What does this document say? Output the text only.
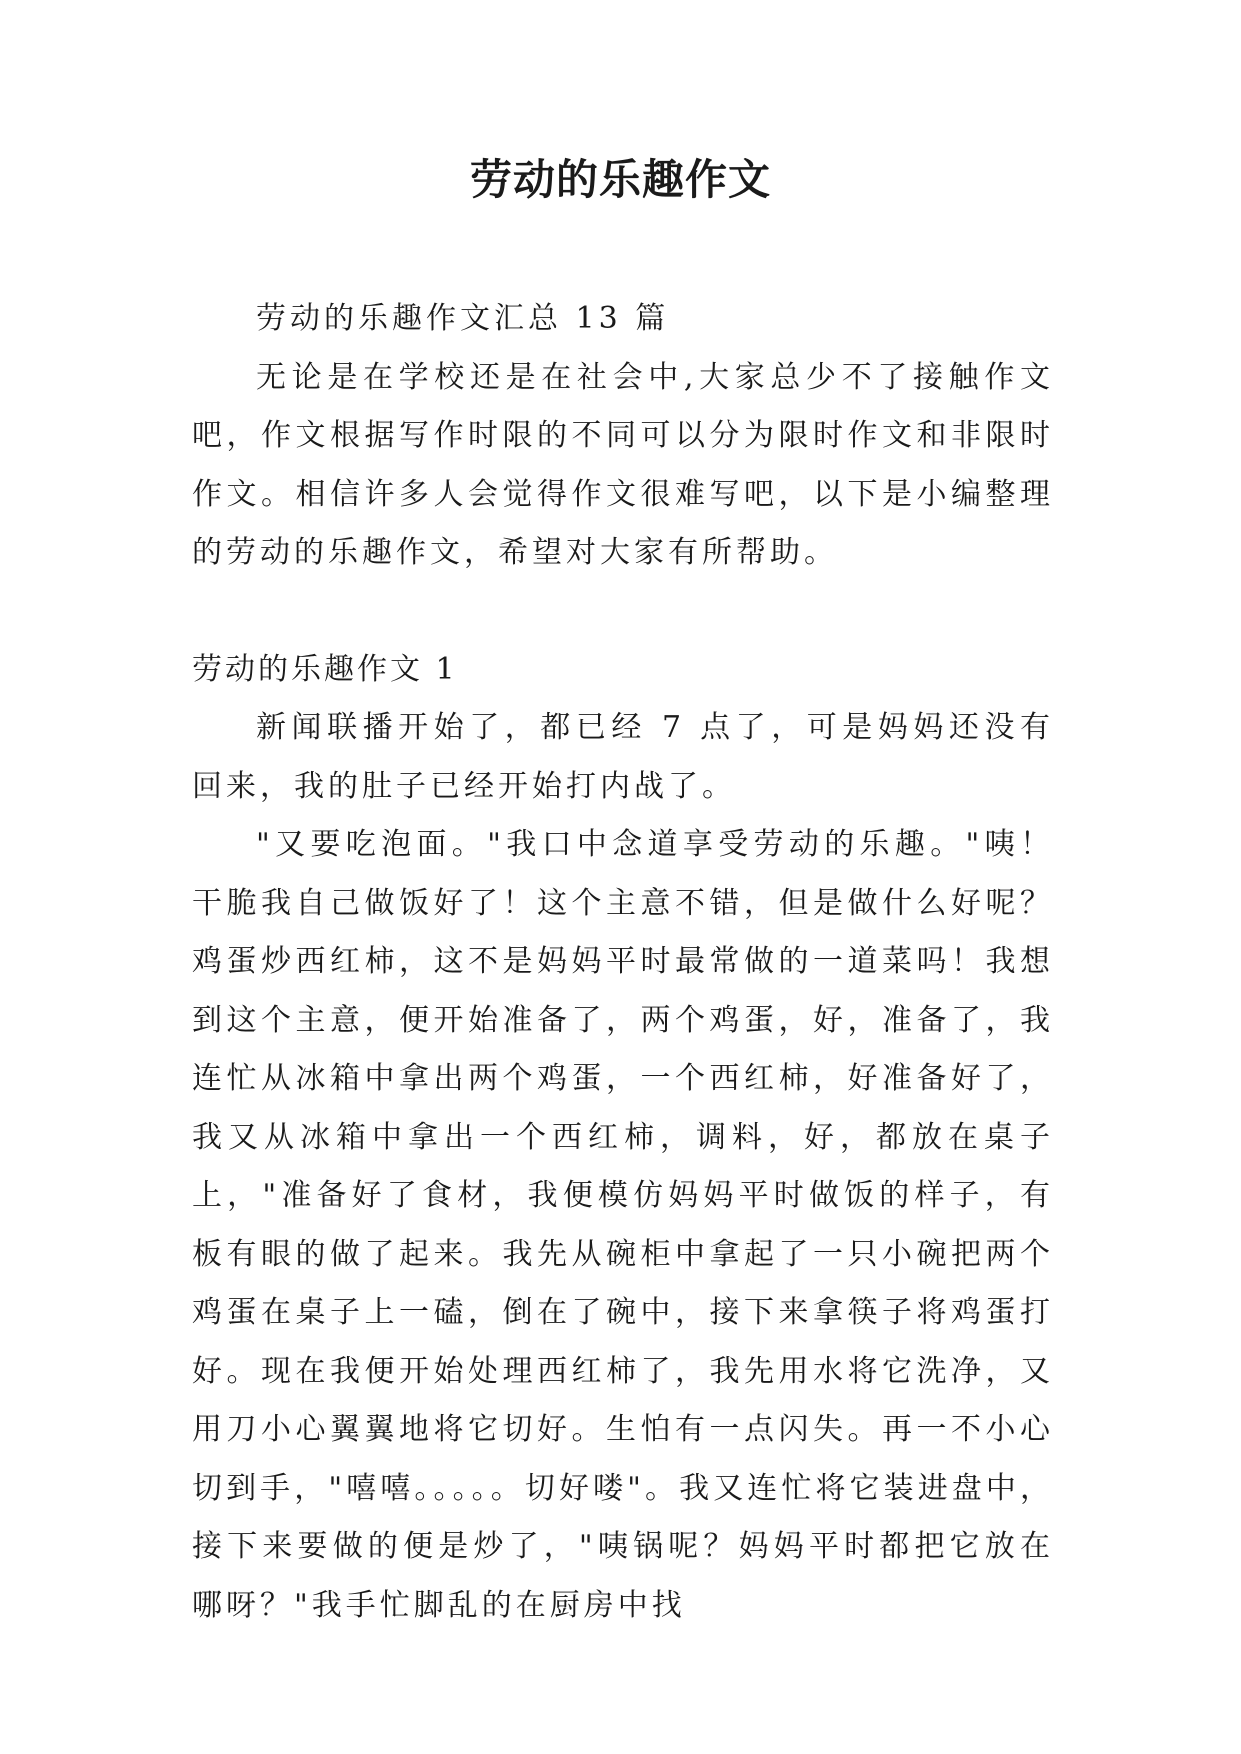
劳动的乐趣作文

劳动的乐趣作文汇总 13 篇

无论是在学校还是在社会中,大家总少不了接触作文吧，作文根据写作时限的不同可以分为限时作文和非限时作文。相信许多人会觉得作文很难写吧，以下是小编整理的劳动的乐趣作文，希望对大家有所帮助。

劳动的乐趣作文 1

新闻联播开始了，都已经 7 点了，可是妈妈还没有回来，我的肚子已经开始打内战了。

"又要吃泡面。"我口中念道享受劳动的乐趣。"咦！干脆我自己做饭好了！这个主意不错，但是做什么好呢？鸡蛋炒西红柿，这不是妈妈平时最常做的一道菜吗！我想到这个主意，便开始准备了，两个鸡蛋，好，准备了，我连忙从冰箱中拿出两个鸡蛋，一个西红柿，好准备好了，我又从冰箱中拿出一个西红柿，调料，好，都放在桌子上，"准备好了食材，我便模仿妈妈平时做饭的样子，有板有眼的做了起来。我先从碗柜中拿起了一只小碗把两个鸡蛋在桌子上一磕，倒在了碗中，接下来拿筷子将鸡蛋打好。现在我便开始处理西红柿了，我先用水将它洗净，又用刀小心翼翼地将它切好。生怕有一点闪失。再一不小心切到手，"嘻嘻。。。。。切好喽"。我又连忙将它装进盘中，接下来要做的便是炒了，"咦锅呢？妈妈平时都把它放在哪呀？"我手忙脚乱的在厨房中找
